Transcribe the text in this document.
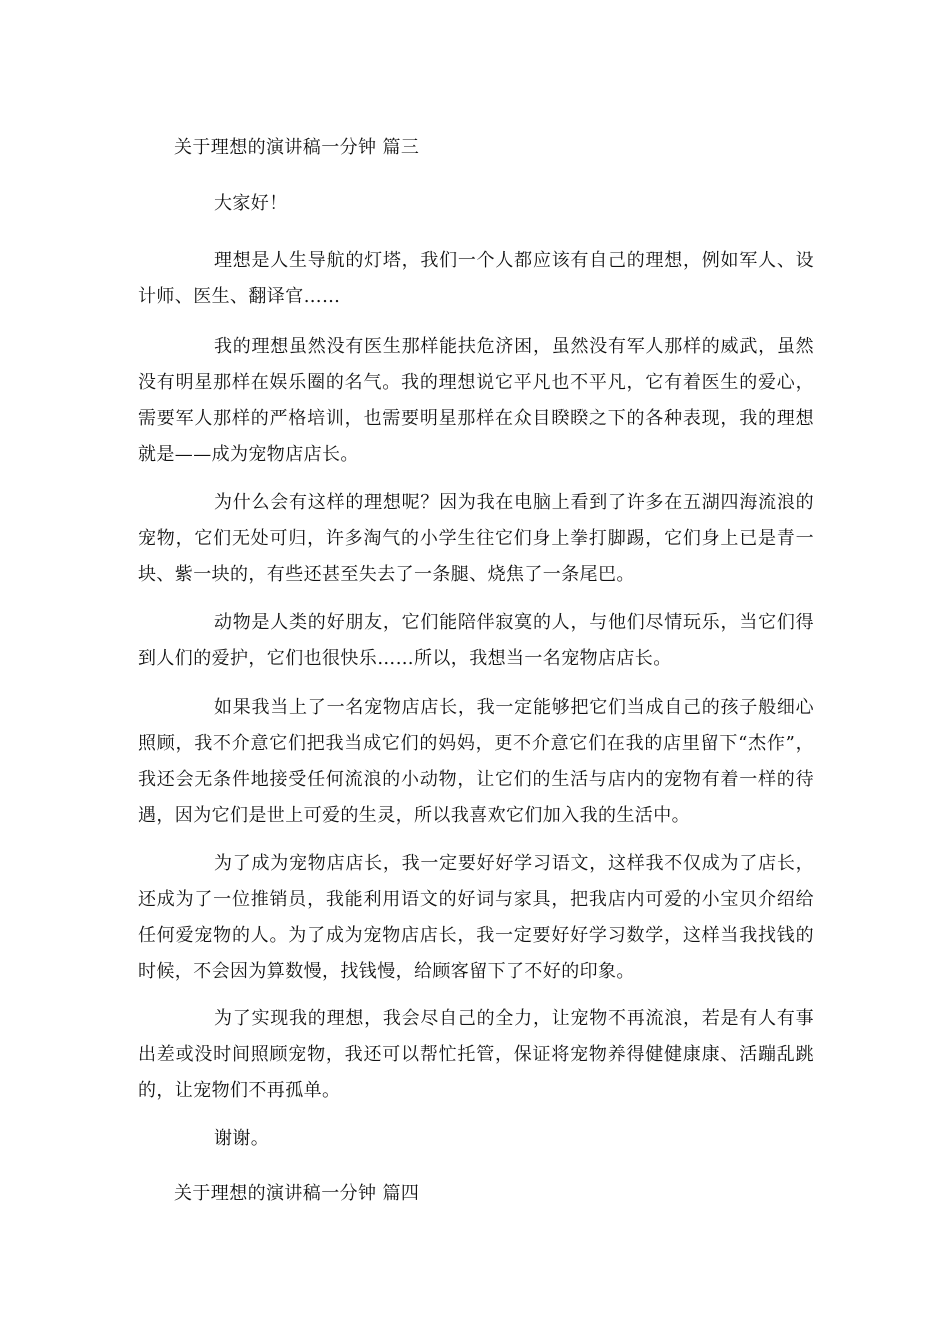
关于理想的演讲稿一分钟 篇三
大家好！
理想是人生导航的灯塔，我们一个人都应该有自己的理想，例如军人、设计师、医生、翻译官……
我的理想虽然没有医生那样能扶危济困，虽然没有军人那样的威武，虽然没有明星那样在娱乐圈的名气。我的理想说它平凡也不平凡，它有着医生的爱心，需要军人那样的严格培训，也需要明星那样在众目睽睽之下的各种表现，我的理想就是——成为宠物店店长。
为什么会有这样的理想呢？因为我在电脑上看到了许多在五湖四海流浪的宠物，它们无处可归，许多淘气的小学生往它们身上拳打脚踢，它们身上已是青一块、紫一块的，有些还甚至失去了一条腿、烧焦了一条尾巴。
动物是人类的好朋友，它们能陪伴寂寞的人，与他们尽情玩乐，当它们得到人们的爱护，它们也很快乐……所以，我想当一名宠物店店长。
如果我当上了一名宠物店店长，我一定能够把它们当成自己的孩子般细心照顾，我不介意它们把我当成它们的妈妈，更不介意它们在我的店里留下“杰作”，我还会无条件地接受任何流浪的小动物，让它们的生活与店内的宠物有着一样的待遇，因为它们是世上可爱的生灵，所以我喜欢它们加入我的生活中。
为了成为宠物店店长，我一定要好好学习语文，这样我不仅成为了店长，还成为了一位推销员，我能利用语文的好词与家具，把我店内可爱的小宝贝介绍给任何爱宠物的人。为了成为宠物店店长，我一定要好好学习数学，这样当我找钱的时候，不会因为算数慢，找钱慢，给顾客留下了不好的印象。
为了实现我的理想，我会尽自己的全力，让宠物不再流浪，若是有人有事出差或没时间照顾宠物，我还可以帮忙托管，保证将宠物养得健健康康、活蹦乱跳的，让宠物们不再孤单。
谢谢。
关于理想的演讲稿一分钟 篇四
